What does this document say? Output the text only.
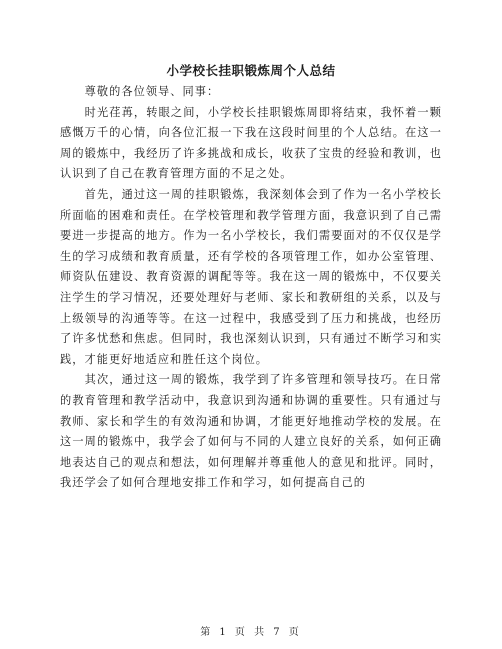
小学校长挂职锻炼周个人总结

尊敬的各位领导、同事：

时光荏苒，转眼之间，小学校长挂职锻炼周即将结束，我怀着一颗感慨万千的心情，向各位汇报一下我在这段时间里的个人总结。在这一周的锻炼中，我经历了许多挑战和成长，收获了宝贵的经验和教训，也认识到了自己在教育管理方面的不足之处。

首先，通过这一周的挂职锻炼，我深刻体会到了作为一名小学校长所面临的困难和责任。在学校管理和教学管理方面，我意识到了自己需要进一步提高的地方。作为一名小学校长，我们需要面对的不仅仅是学生的学习成绩和教育质量，还有学校的各项管理工作，如办公室管理、师资队伍建设、教育资源的调配等等。我在这一周的锻炼中，不仅要关注学生的学习情况，还要处理好与老师、家长和教研组的关系，以及与上级领导的沟通等等。在这一过程中，我感受到了压力和挑战，也经历了许多忧愁和焦虑。但同时，我也深刻认识到，只有通过不断学习和实践，才能更好地适应和胜任这个岗位。

其次，通过这一周的锻炼，我学到了许多管理和领导技巧。在日常的教育管理和教学活动中，我意识到沟通和协调的重要性。只有通过与教师、家长和学生的有效沟通和协调，才能更好地推动学校的发展。在这一周的锻炼中，我学会了如何与不同的人建立良好的关系，如何正确地表达自己的观点和想法，如何理解并尊重他人的意见和批评。同时，我还学会了如何合理地安排工作和学习，如何提高自己的

第 1 页 共 7 页
